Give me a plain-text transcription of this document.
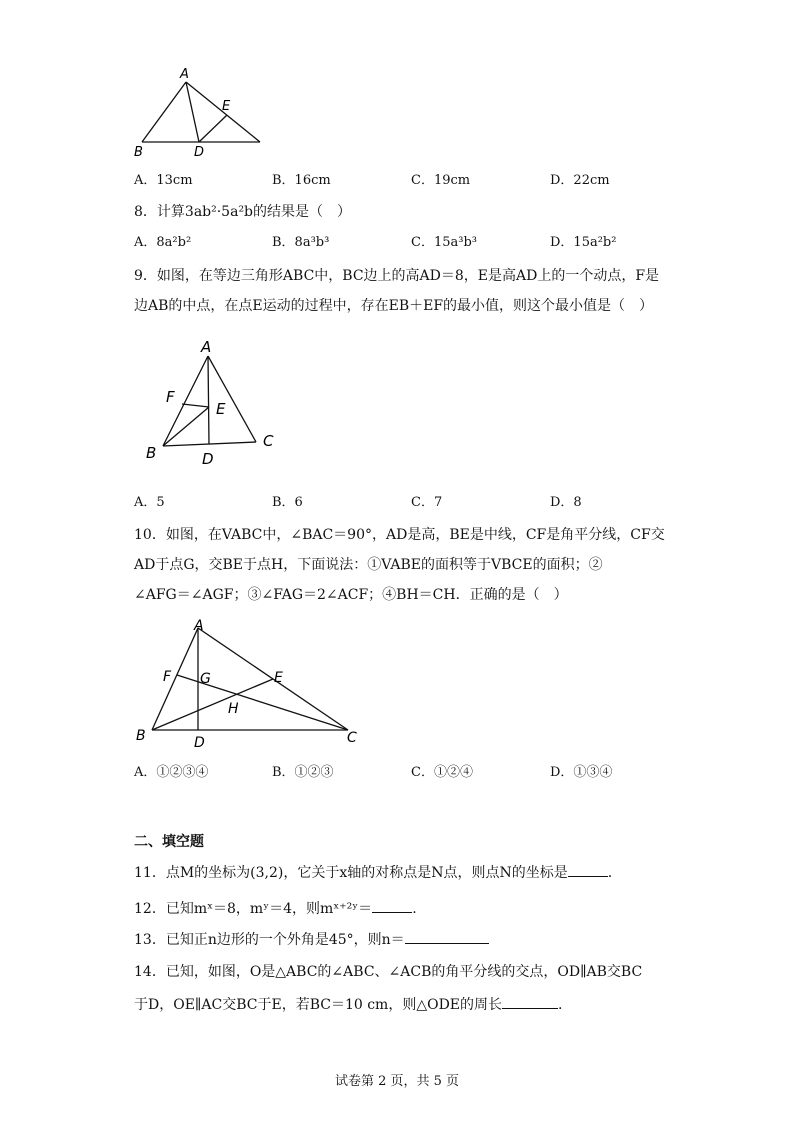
A
B	D
E
A．13cm	B．16cm	C．19cm	D．22cm
8．计算3ab²·5a²b的结果是（　）
A．8a²b²	B．8a³b³	C．15a³b³	D．15a²b²
9．如图，在等边三角形ABC中，BC边上的高AD＝8，E是高AD上的一个动点，F是
边AB的中点，在点E运动的过程中，存在EB＋EF的最小值，则这个最小值是（　）
A
B
C
D
E
F
A．5	B．6	C．7	D．8
10．如图，在VABC中，∠BAC＝90°，AD是高，BE是中线，CF是角平分线，CF交
AD于点G，交BE于点H，下面说法：①VABE的面积等于VBCE的面积；②
∠AFG＝∠AGF；③∠FAG＝2∠ACF；④BH＝CH．正确的是（　）
A
B	C
D
E
F G
H
A．①②③④	B．①②③	C．①②④	D．①③④
二、填空题
11．点M的坐标为(3,2)，它关于x轴的对称点是N点，则点N的坐标是	.
12．已知mˣ＝8，mʸ＝4，则mˣ⁺²ʸ＝	.
13．已知正n边形的一个外角是45°，则n＝
14．已知，如图，O是△ABC的∠ABC、∠ACB的角平分线的交点，OD∥AB交BC
于D，OE∥AC交BC于E，若BC＝10 cm，则△ODE的周长	.
试卷第 2 页，共 5 页
